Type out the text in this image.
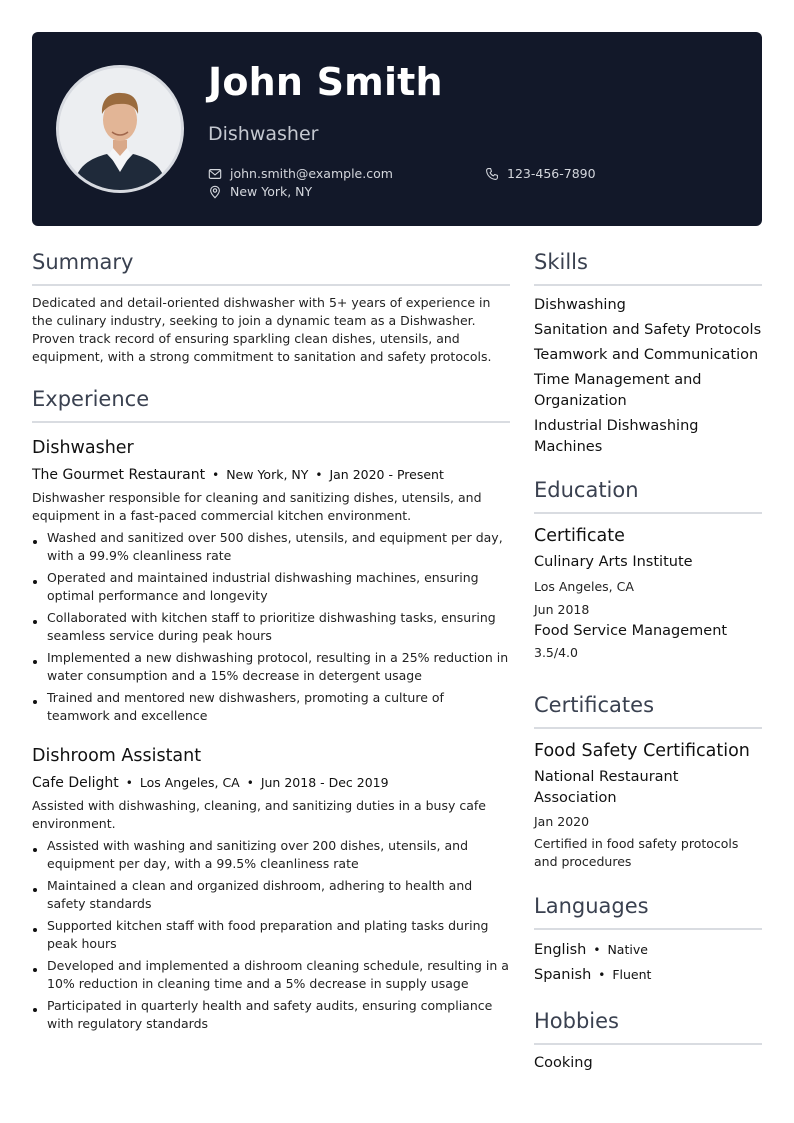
John Smith
Dishwasher
john.smith@example.com	123-456-7890
New York, NY
Summary
Dedicated and detail-oriented dishwasher with 5+ years of experience in the culinary industry, seeking to join a dynamic team as a Dishwasher. Proven track record of ensuring sparkling clean dishes, utensils, and equipment, with a strong commitment to sanitation and safety protocols.
Experience
Dishwasher
The Gourmet Restaurant • New York, NY • Jan 2020 - Present
Dishwasher responsible for cleaning and sanitizing dishes, utensils, and equipment in a fast-paced commercial kitchen environment.
Washed and sanitized over 500 dishes, utensils, and equipment per day, with a 99.9% cleanliness rate
Operated and maintained industrial dishwashing machines, ensuring optimal performance and longevity
Collaborated with kitchen staff to prioritize dishwashing tasks, ensuring seamless service during peak hours
Implemented a new dishwashing protocol, resulting in a 25% reduction in water consumption and a 15% decrease in detergent usage
Trained and mentored new dishwashers, promoting a culture of teamwork and excellence
Dishroom Assistant
Cafe Delight • Los Angeles, CA • Jun 2018 - Dec 2019
Assisted with dishwashing, cleaning, and sanitizing duties in a busy cafe environment.
Assisted with washing and sanitizing over 200 dishes, utensils, and equipment per day, with a 99.5% cleanliness rate
Maintained a clean and organized dishroom, adhering to health and safety standards
Supported kitchen staff with food preparation and plating tasks during peak hours
Developed and implemented a dishroom cleaning schedule, resulting in a 10% reduction in cleaning time and a 5% decrease in supply usage
Participated in quarterly health and safety audits, ensuring compliance with regulatory standards
Skills
Dishwashing
Sanitation and Safety Protocols
Teamwork and Communication
Time Management and Organization
Industrial Dishwashing Machines
Education
Certificate
Culinary Arts Institute
Los Angeles, CA
Jun 2018
Food Service Management
3.5/4.0
Certificates
Food Safety Certification
National Restaurant Association
Jan 2020
Certified in food safety protocols and procedures
Languages
English • Native
Spanish • Fluent
Hobbies
Cooking
